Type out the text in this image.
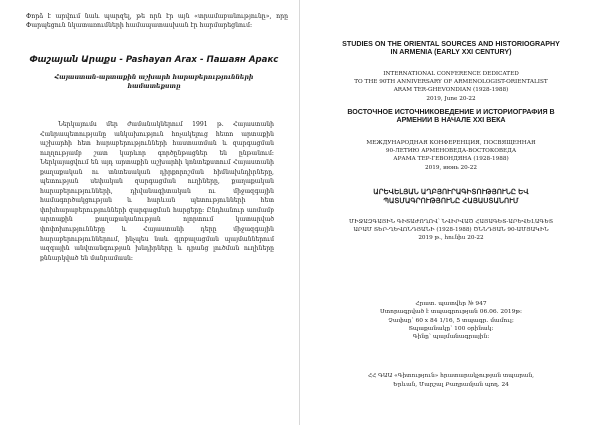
Փորձ է արվում նաև պարզել, թե որն էր այն «տրամաբանությունը», որը Փարպեցուն նկատառումների համապատասխան էր հարմարեցնում:

Փաշայան Արաքս - Pashayan Arax - Пашаян Аракс
Հայաստան-արտաքին աշխարհ հարաբերությունների համատեքստը

Ներկայումս մեր ժամանակներում 1991 թ. Հայաստանի Հանրապետությանը անկախություն հռչակելուց հետո արտաքին աշխարհի հետ հարաբերությունների հաստատման և զարգացման ուղղությամբ շատ կարևոր գործընթացներ են ընթանում։ Ներկայացվում են այդ արտաքին աշխարհի կոնտեքստում Հայաստանի քաղաքական ու տնտեսական դիրքորոշման հիմնախնդիրները, պետության սեփական զարգացման ուղիները, քաղաքական հարաբերությունների, դիվանագիտական ու միջազգային համագործակցության և հարևան պետությունների հետ փոխհարաբերությունների զարգացման հարցերը։ Ընդհանուր առմամբ արտաքին քաղաքականության ոլորտում կատարված փոփոխությունները և Հայաստանի դերը միջազգային հարաբերություններում, ինչպես նաև գլոբալացման պայմաններում ազգային անվտանգության խնդիրները և դրանց լուծման ուղիները քննարկված են մանրամասն։

STUDIES ON THE ORIENTAL SOURCES AND HISTORIOGRAPHY
IN ARMENIA (EARLY XXI CENTURY)
INTERNATIONAL CONFERENCE DEDICATED
TO THE 90TH ANNIVERSARY OF ARMENOLOGIST-ORIENTALIST
ARAM TER-GHEVONDIAN (1928-1988)
2019, June 20-22
ВОСТОЧНОЕ ИСТОЧНИКОВЕДЕНИЕ И ИСТОРИОГРАФИЯ В
АРМЕНИИ В НАЧАЛЕ XXI ВЕКА
МЕЖДУНАРОДНАЯ КОНФЕРЕНЦИЯ, ПОСВЯЩЕННАЯ
90-ЛЕТИЮ АРМЕНОВЕДА-ВОСТОКОВЕДА
АРАМА ТЕР-ГЕВОНДЯНА (1928-1988)
2019, июнь 20-22
ԱՐԵՎԵԼՅԱՆ ԱՂԲՅՈՒՐԱԳԻՏՈՒԹՅՈՒՆԸ ԵՎ
ՊԱՏՄԱԳՐՈՒԹՅՈՒՆԸ ՀԱՅԱՍՏԱՆՈՒՄ
ՄԻՋԱԶԳԱՅԻՆ ԳԻՏԱԺՈՂՈՎ՝ ՆՎԻՐՎԱԾ ՀԱՅԱԳԵՏ-ԱՐԵՎԵԼԱԳԵՏ
ԱՐԱՄ ՏԵՐ-ՂԵՎՈՆԴՅԱՆԻ (1928-1988) ԾՆՆԴՅԱՆ 90-ԱՄՅԱԿԻՆ
2019 թ., հունիս 20-22
Հրատ. պատվեր № 947
Ստորագրված է տպագրության 06.06. 2019թ։
Չափսը՝ 60 x 84 1/16, 5 տպագր. մամուլ։
Տպաքանակը՝ 100 օրինակ։
Գինը՝ պայմանագրային։
ՀՀ ԳԱԱ «Գիտություն» հրատարակչության տպարան,
Երևան, Մարշալ Բաղրամյան պող. 24
